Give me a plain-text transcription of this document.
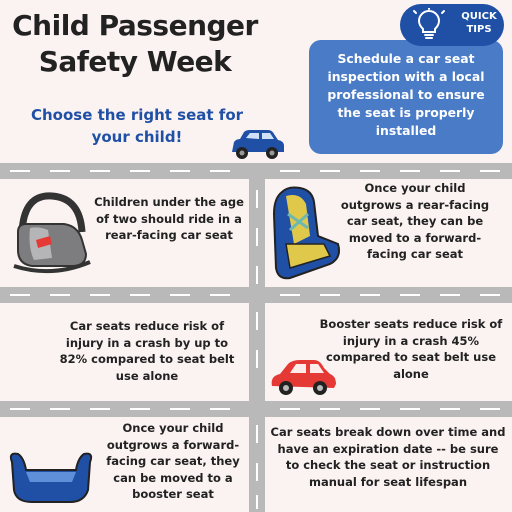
Child Passenger Safety Week
Choose the right seat for your child!
Schedule a car seat inspection with a local professional to ensure the seat is properly installed
QUICK TIPS
Children under the age of two should ride in a rear-facing car seat
Once your child outgrows a rear-facing car seat, they can be moved to a forward-facing car seat
Car seats reduce risk of injury in a crash by up to 82% compared to seat belt use alone
Booster seats reduce risk of injury in a crash 45% compared to seat belt use alone
Once your child outgrows a forward-facing car seat, they can be moved to a booster seat
Car seats break down over time and have an expiration date -- be sure to check the seat or instruction manual for seat lifespan
